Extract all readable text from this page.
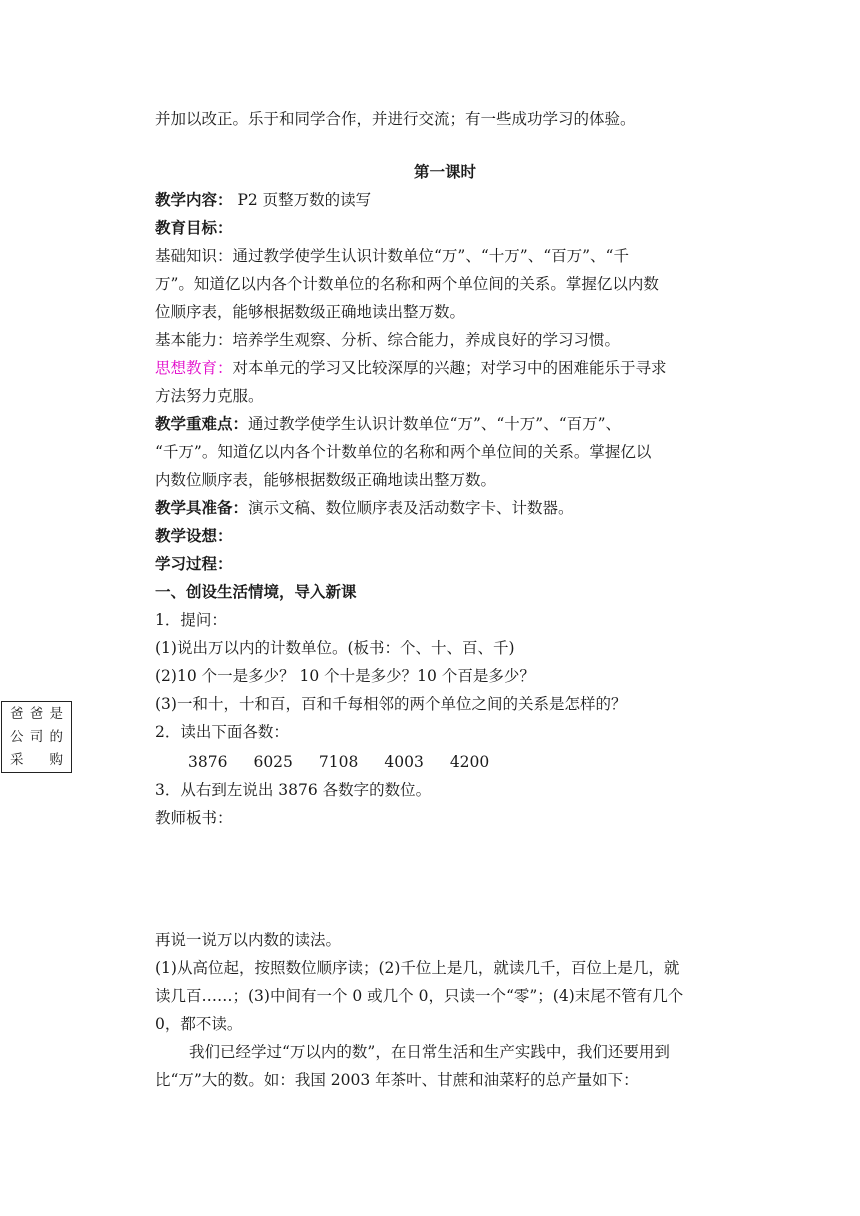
并加以改正。乐于和同学合作，并进行交流；有一些成功学习的体验。
第一课时
教学内容： P2 页整万数的读写
教育目标：
基础知识：通过教学使学生认识计数单位“万”、“十万”、“百万”、“千
万”。知道亿以内各个计数单位的名称和两个单位间的关系。掌握亿以内数
位顺序表，能够根据数级正确地读出整万数。
基本能力：培养学生观察、分析、综合能力，养成良好的学习习惯。
思想教育：对本单元的学习又比较深厚的兴趣；对学习中的困难能乐于寻求
方法努力克服。
教学重难点：通过教学使学生认识计数单位“万”、“十万”、“百万”、
“千万”。知道亿以内各个计数单位的名称和两个单位间的关系。掌握亿以
内数位顺序表，能够根据数级正确地读出整万数。
教学具准备：演示文稿、数位顺序表及活动数字卡、计数器。
教学设想：
学习过程：
一、创设生活情境，导入新课
1．提问：
(1)说出万以内的计数单位。(板书：个、十、百、千)
(2)10 个一是多少？ 10 个十是多少？10 个百是多少？
(3)一和十，十和百，百和千每相邻的两个单位之间的关系是怎样的？
2．读出下面各数：
3876 6025 7108 4003 4200
3．从右到左说出 3876 各数字的数位。
教师板书：
再说一说万以内数的读法。
(1)从高位起，按照数位顺序读；(2)千位上是几，就读几千，百位上是几，就
读几百……；(3)中间有一个 0 或几个 0，只读一个“零”；(4)末尾不管有几个
0，都不读。
我们已经学过“万以内的数”，在日常生活和生产实践中，我们还要用到
比“万”大的数。如：我国 2003 年茶叶、甘蔗和油菜籽的总产量如下：
爸爸是
公司的
采 购
